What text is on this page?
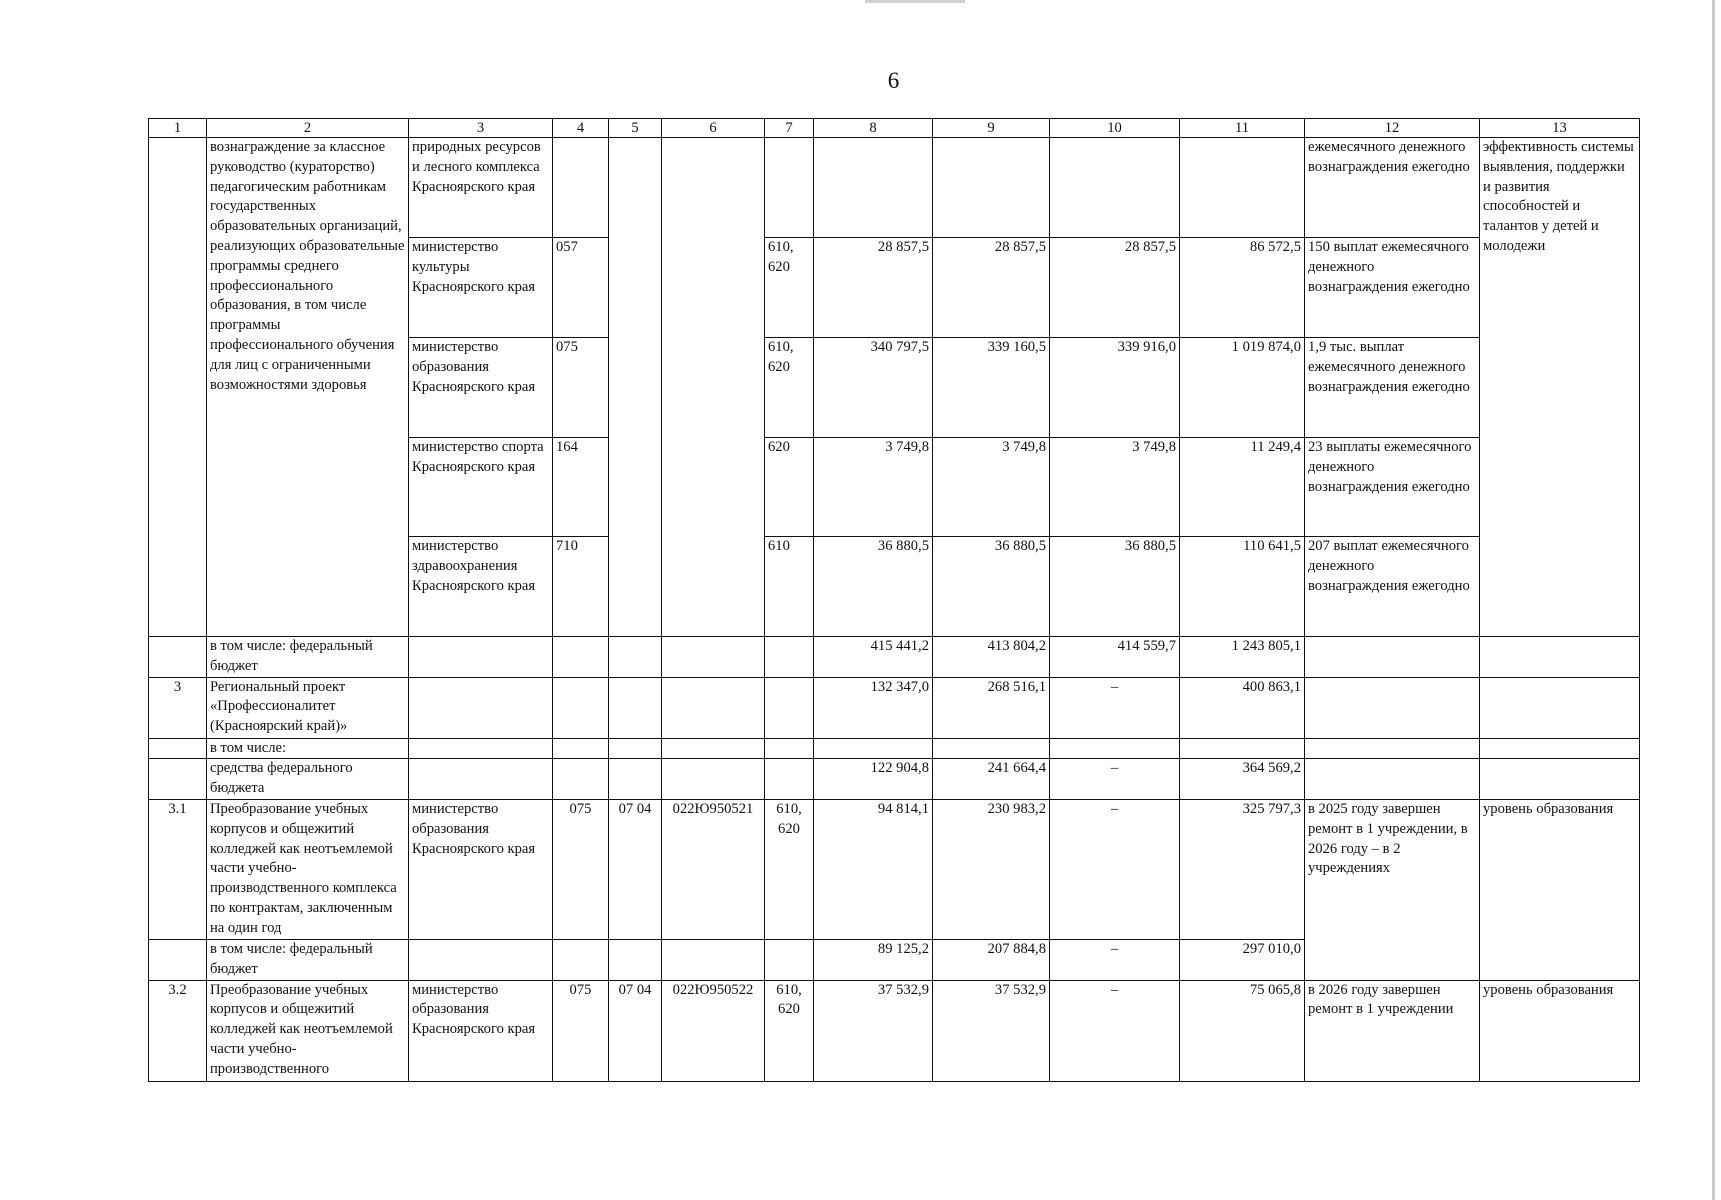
6
1	2	3	4	5	6	7	8	9	10	11	12	13
	вознаграждение за классное руководство (кураторство) педагогическим работникам государственных образовательных организаций, реализующих образовательные программы среднего профессионального образования, в том числе программы профессионального обучения для лиц с ограниченными возможностями здоровья	природных ресурсов и лесного комплекса Красноярского края									ежемесячного денежного вознаграждения ежегодно	эффективность системы выявления, поддержки и развития способностей и талантов у детей и молодежи
		министерство культуры Красноярского края	057			610, 620	28 857,5	28 857,5	28 857,5	86 572,5	150 выплат ежемесячного денежного вознаграждения ежегодно	
		министерство образования Красноярского края	075			610, 620	340 797,5	339 160,5	339 916,0	1 019 874,0	1,9 тыс. выплат ежемесячного денежного вознаграждения ежегодно	
		министерство спорта Красноярского края	164			620	3 749,8	3 749,8	3 749,8	11 249,4	23 выплаты ежемесячного денежного вознаграждения ежегодно	
		министерство здравоохранения Красноярского края	710			610	36 880,5	36 880,5	36 880,5	110 641,5	207 выплат ежемесячного денежного вознаграждения ежегодно	
	в том числе: федеральный бюджет						415 441,2	413 804,2	414 559,7	1 243 805,1		
3	Региональный проект «Профессионалитет (Красноярский край)»						132 347,0	268 516,1	–	400 863,1		
	в том числе:											
	средства федерального бюджета						122 904,8	241 664,4	–	364 569,2		
3.1	Преобразование учебных корпусов и общежитий колледжей как неотъемлемой части учебно-производственного комплекса по контрактам, заключенным на один год	министерство образования Красноярского края	075	07 04	022Ю950521	610, 620	94 814,1	230 983,2	–	325 797,3	в 2025 году завершен ремонт в 1 учреждении, в 2026 году – в 2 учреждениях	уровень образования
	в том числе: федеральный бюджет						89 125,2	207 884,8	–	297 010,0		
3.2	Преобразование учебных корпусов и общежитий колледжей как неотъемлемой части учебно-производственного	министерство образования Красноярского края	075	07 04	022Ю950522	610, 620	37 532,9	37 532,9	–	75 065,8	в 2026 году завершен ремонт в 1 учреждении	уровень образования
